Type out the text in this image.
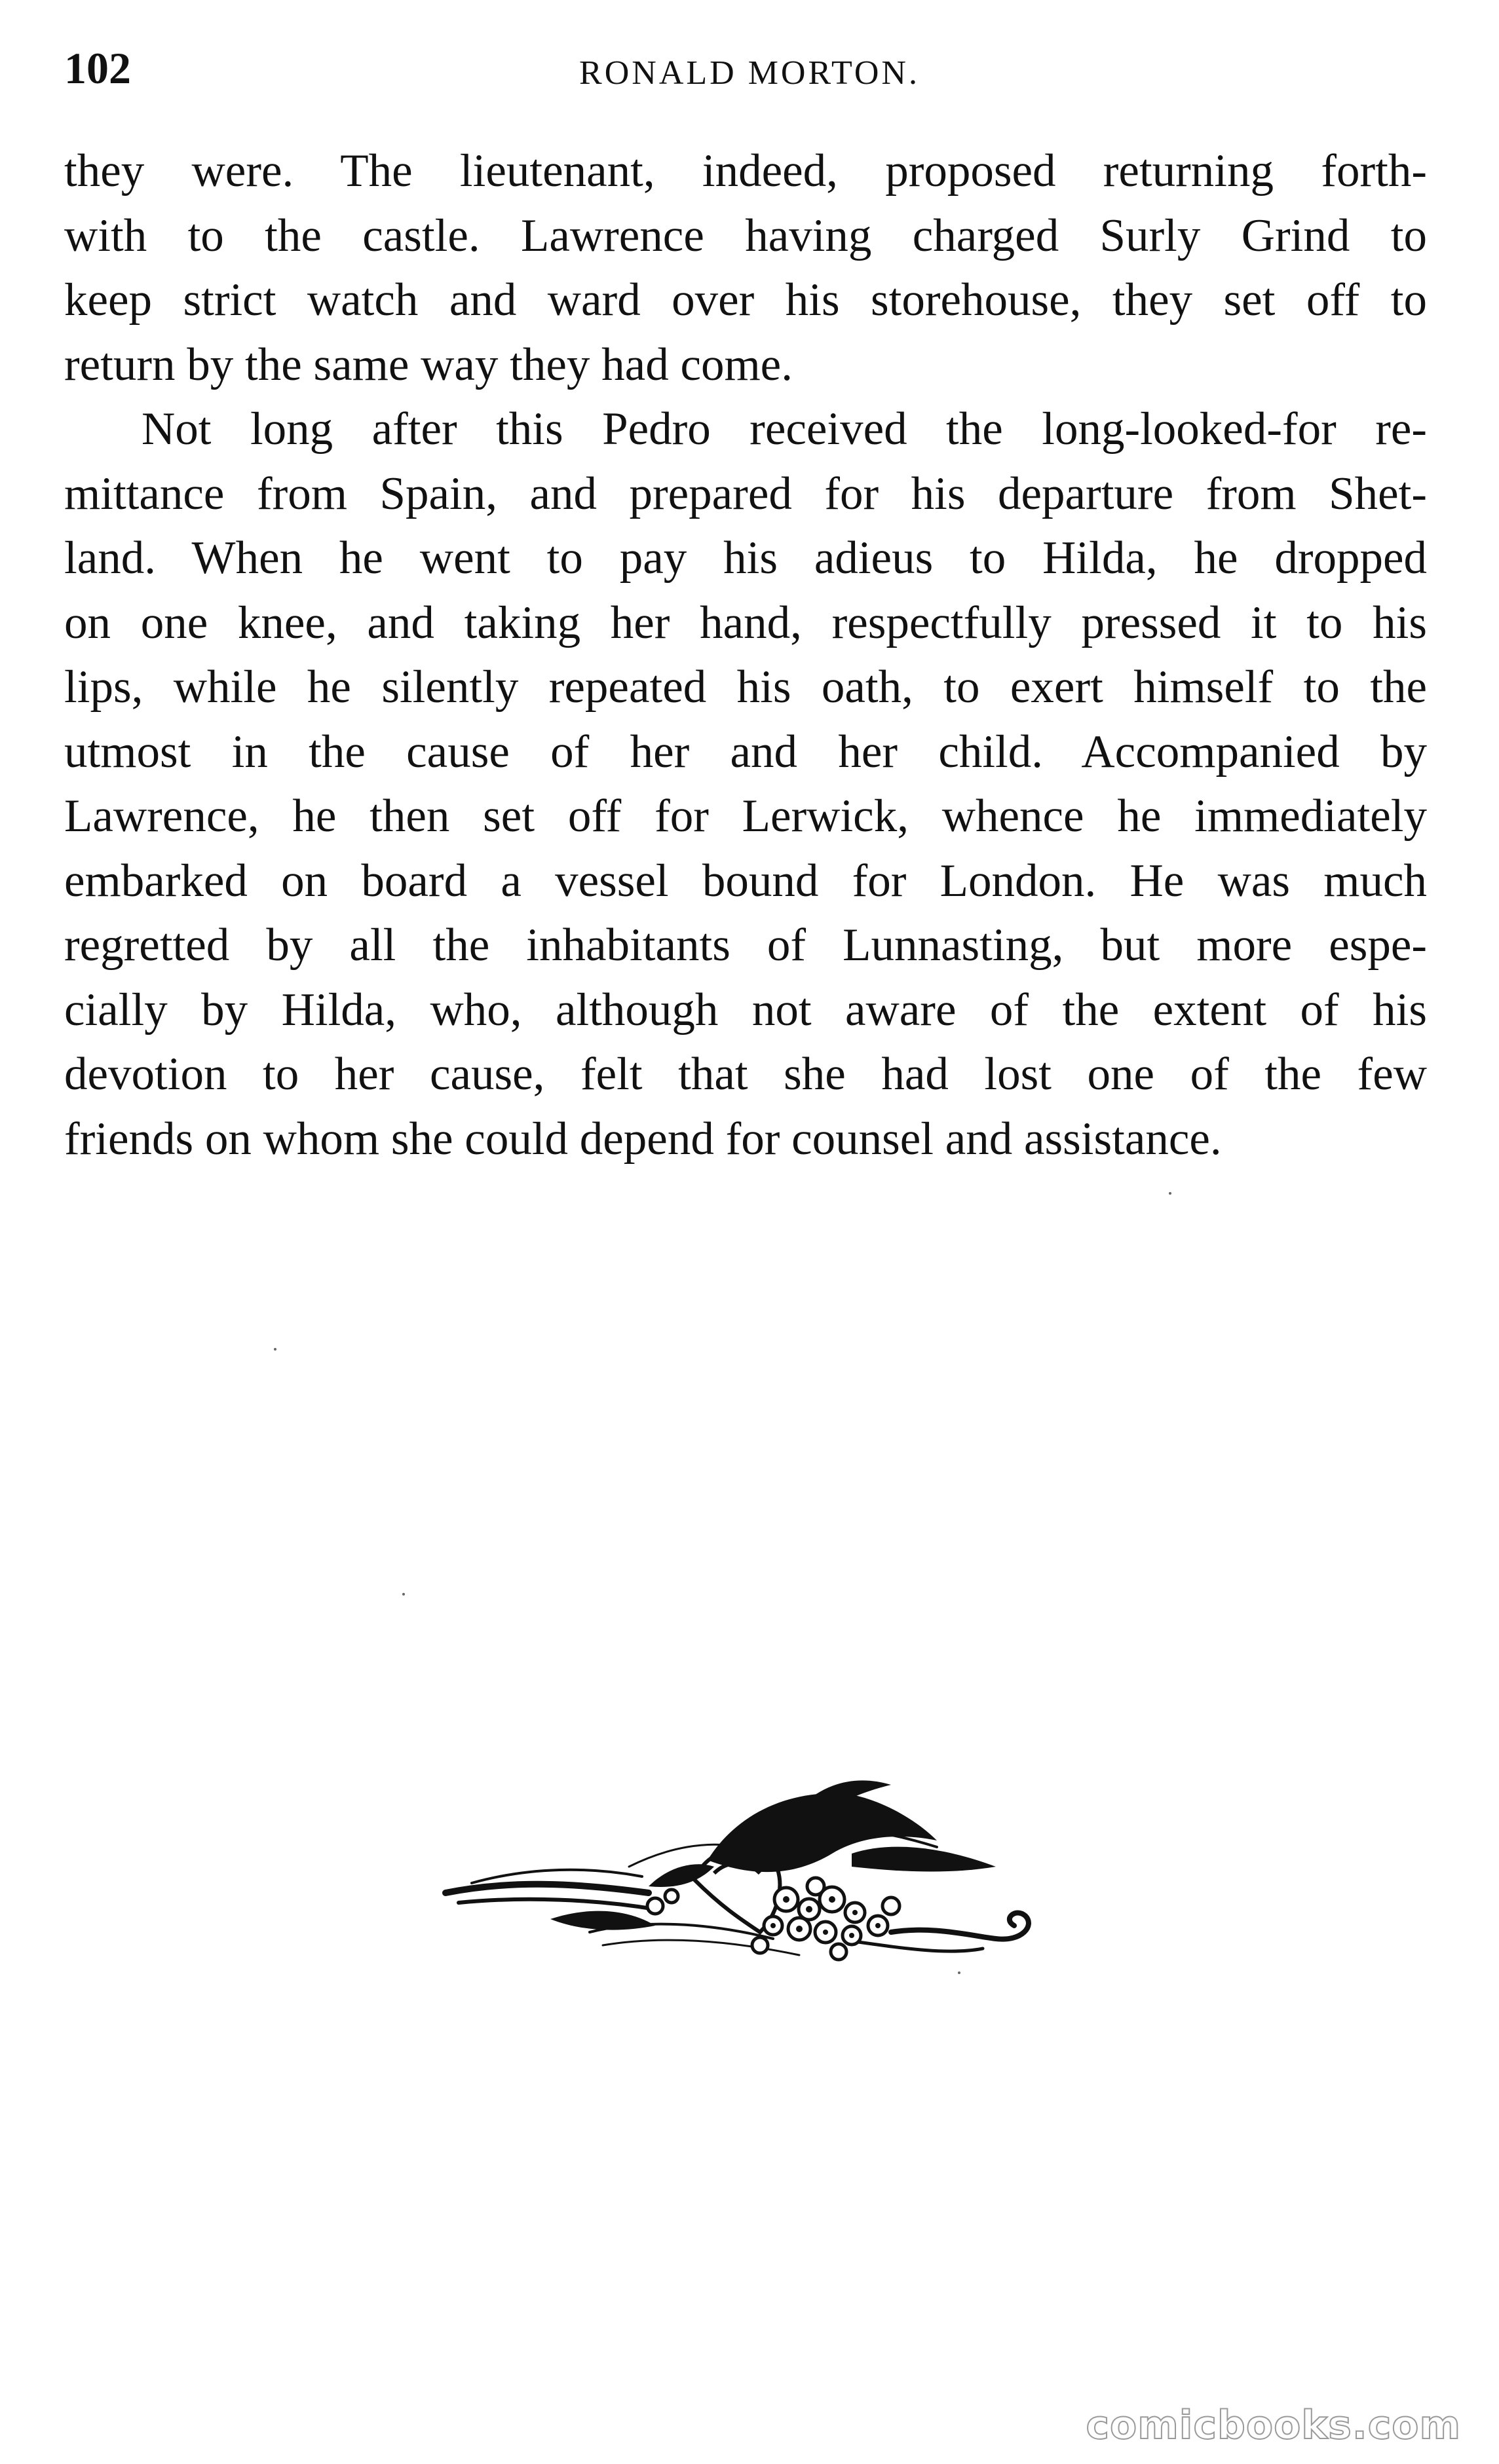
102	RONALD MORTON.
they were. The lieutenant, indeed, proposed returning forth-
with to the castle. Lawrence having charged Surly Grind to
keep strict watch and ward over his storehouse, they set off to
return by the same way they had come.
Not long after this Pedro received the long-looked-for re-
mittance from Spain, and prepared for his departure from Shet-
land. When he went to pay his adieus to Hilda, he dropped
on one knee, and taking her hand, respectfully pressed it to his
lips, while he silently repeated his oath, to exert himself to the
utmost in the cause of her and her child. Accompanied by
Lawrence, he then set off for Lerwick, whence he immediately
embarked on board a vessel bound for London. He was much
regretted by all the inhabitants of Lunnasting, but more espe-
cially by Hilda, who, although not aware of the extent of his
devotion to her cause, felt that she had lost one of the few
friends on whom she could depend for counsel and assistance.
comicbooks.com
